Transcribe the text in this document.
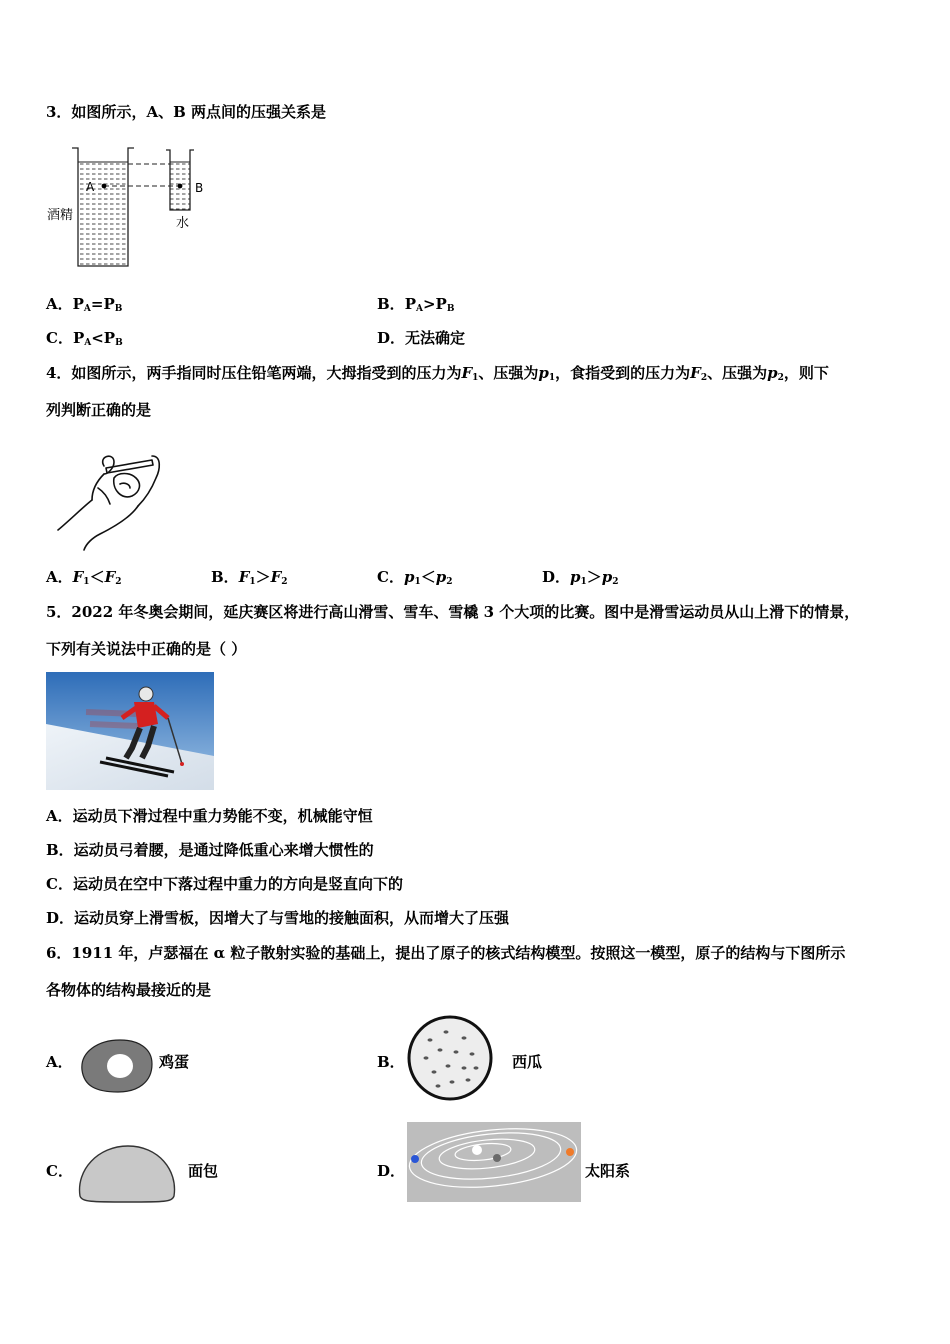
3．如图所示，A、B 两点间的压强关系是
A	B
酒精
水
A．$P_A=P_B$	B．$P_A>P_B$
C．$P_A<P_B$	D．无法确定
4．如图所示，两手指同时压住铅笔两端，大拇指受到的压力为$F_1$、压强为$p_1$，食指受到的压力为$F_2$、压强为$p_2$，则下
列判断正确的是
A．$F_1<F_2$	B．$F_1>F_2$	C．$p_1<p_2$	D．$p_1>p_2$
5．2022 年冬奥会期间，延庆赛区将进行高山滑雪、雪车、雪橇 3 个大项的比赛。图中是滑雪运动员从山上滑下的情景，
下列有关说法中正确的是（ ）
A．运动员下滑过程中重力势能不变，机械能守恒
B．运动员弓着腰，是通过降低重心来增大惯性的
C．运动员在空中下落过程中重力的方向是竖直向下的
D．运动员穿上滑雪板，因增大了与雪地的接触面积，从而增大了压强
6．1911 年，卢瑟福在 α 粒子散射实验的基础上，提出了原子的核式结构模型。按照这一模型，原子的结构与下图所示
各物体的结构最接近的是
A．	鸡蛋	B．	西瓜
C．	面包	D．	太阳系
